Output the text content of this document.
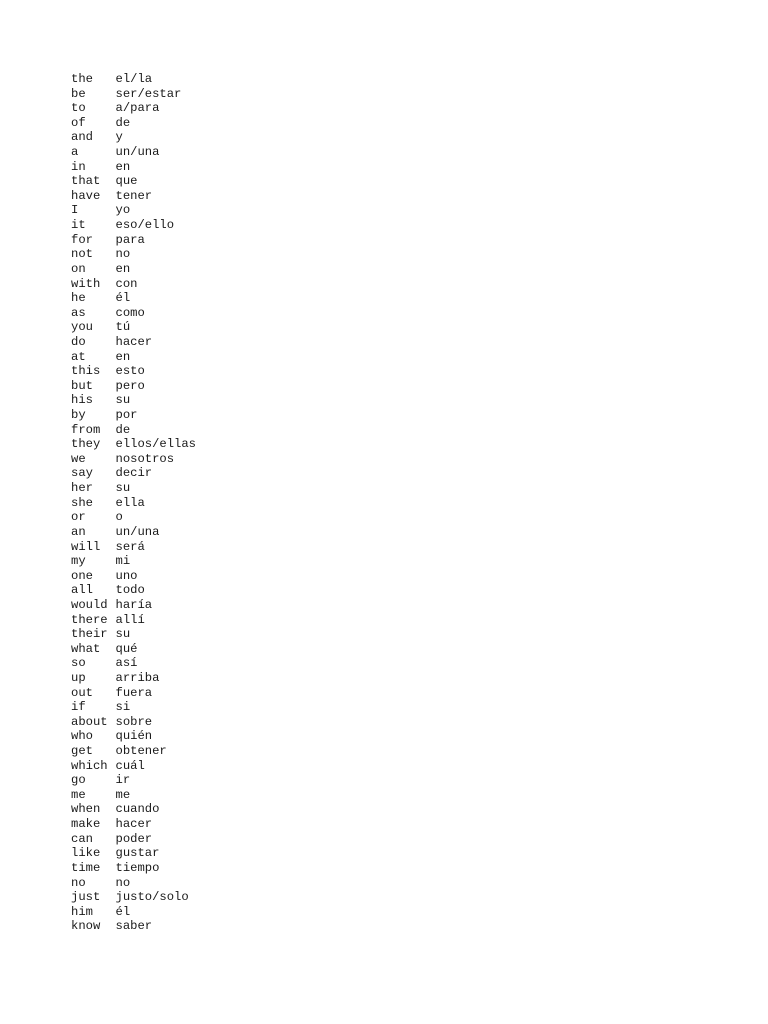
the	el/la
be	ser/estar
to	a/para
of	de
and	y
a	un/una
in	en
that	que
have	tener
I	yo
it	eso/ello
for	para
not	no
on	en
with	con
he	él
as	como
you	tú
do	hacer
at	en
this	esto
but	pero
his	su
by	por
from	de
they	ellos/ellas
we	nosotros
say	decir
her	su
she	ella
or	o
an	un/una
will	será
my	mi
one	uno
all	todo
would haría
there allí
their su
what	qué
so	así
up	arriba
out	fuera
if	si
about sobre
who	quién
get	obtener
which cuál
go	ir
me	me
when	cuando
make	hacer
can	poder
like	gustar
time	tiempo
no	no
just	justo/solo
him	él
know	saber
